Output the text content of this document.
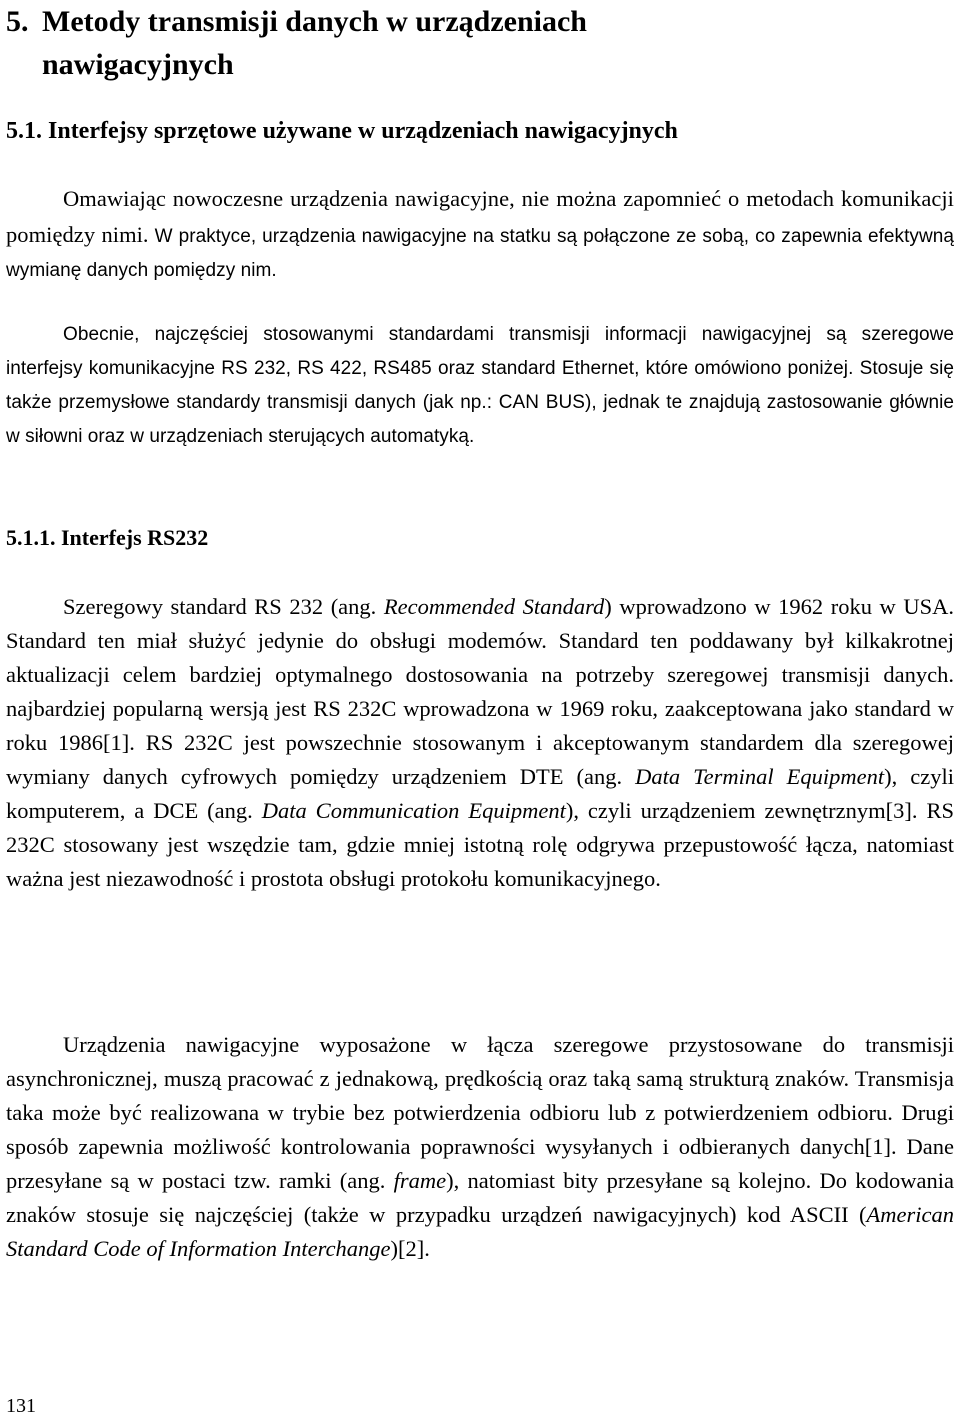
5. Metody transmisji danych w urządzeniach
nawigacyjnych
5.1. Interfejsy sprzętowe używane w urządzeniach nawigacyjnych

Omawiając nowoczesne urządzenia nawigacyjne, nie można zapomnieć o metodach komunikacji pomiędzy nimi. W praktyce, urządzenia nawigacyjne na statku są połączone ze sobą, co zapewnia efektywną wymianę danych pomiędzy nim.

Obecnie, najczęściej stosowanymi standardami transmisji informacji nawigacyjnej są szeregowe interfejsy komunikacyjne RS 232, RS 422, RS485 oraz standard Ethernet, które omówiono poniżej. Stosuje się także przemysłowe standardy transmisji danych (jak np.: CAN BUS), jednak te znajdują zastosowanie głównie w siłowni oraz w urządzeniach sterujących automatyką.

5.1.1. Interfejs RS232

Szeregowy standard RS 232 (ang. Recommended Standard) wprowadzono w 1962 roku w USA. Standard ten miał służyć jedynie do obsługi modemów. Standard ten poddawany był kilkakrotnej aktualizacji celem bardziej optymalnego dostosowania na potrzeby szeregowej transmisji danych. najbardziej popularną wersją jest RS 232C wprowadzona w 1969 roku, zaakceptowana jako standard w roku 1986[1]. RS 232C jest powszechnie stosowanym i akceptowanym standardem dla szeregowej wymiany danych cyfrowych pomiędzy urządzeniem DTE (ang. Data Terminal Equipment), czyli komputerem, a DCE (ang. Data Communication Equipment), czyli urządzeniem zewnętrznym[3]. RS 232C stosowany jest wszędzie tam, gdzie mniej istotną rolę odgrywa przepustowość łącza, natomiast ważna jest niezawodność i prostota obsługi protokołu komunikacyjnego.

Urządzenia nawigacyjne wyposażone w łącza szeregowe przystosowane do transmisji asynchronicznej, muszą pracować z jednakową, prędkością oraz taką samą strukturą znaków. Transmisja taka może być realizowana w trybie bez potwierdzenia odbioru lub z potwierdzeniem odbioru. Drugi sposób zapewnia możliwość kontrolowania poprawności wysyłanych i odbieranych danych[1]. Dane przesyłane są w postaci tzw. ramki (ang. frame), natomiast bity przesyłane są kolejno. Do kodowania znaków stosuje się najczęściej (także w przypadku urządzeń nawigacyjnych) kod ASCII (American Standard Code of Information Interchange)[2].

131
